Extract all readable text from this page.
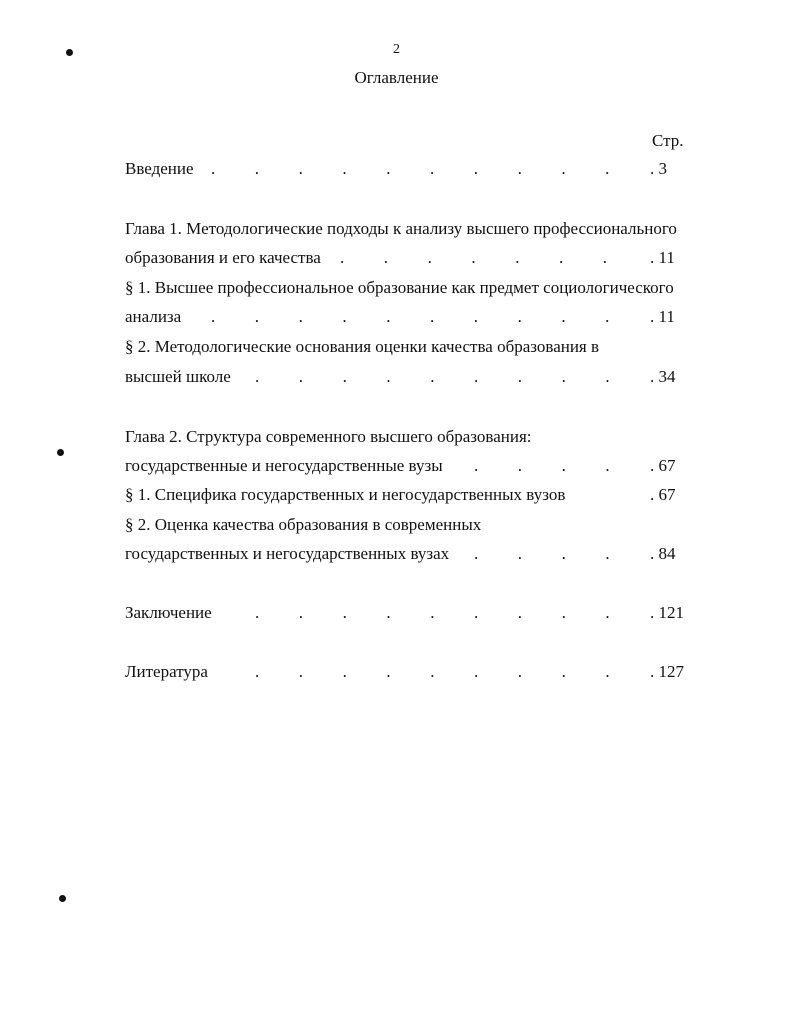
2
Оглавление
Стр.
Введение . . . . . . . . . .	. 3
Глава 1. Методологические подходы к анализу высшего профессионального
образования и его качества . . . . . . .	. 11
§ 1. Высшее профессиональное образование как предмет социологического
анализа . . . . . . . . . .	. 11
§ 2. Методологические основания оценки качества образования в
высшей школе . . . . . . . . .	. 34
Глава 2. Структура современного высшего образования:
государственные и негосударственные вузы . . . .	. 67
§ 1. Специфика государственных и негосударственных вузов	. 67
§ 2. Оценка качества образования в современных
государственных и негосударственных вузах . . . .	. 84
Заключение	. . . . . . . . .	. 121
Литература	. . . . . . . . .	. 127
